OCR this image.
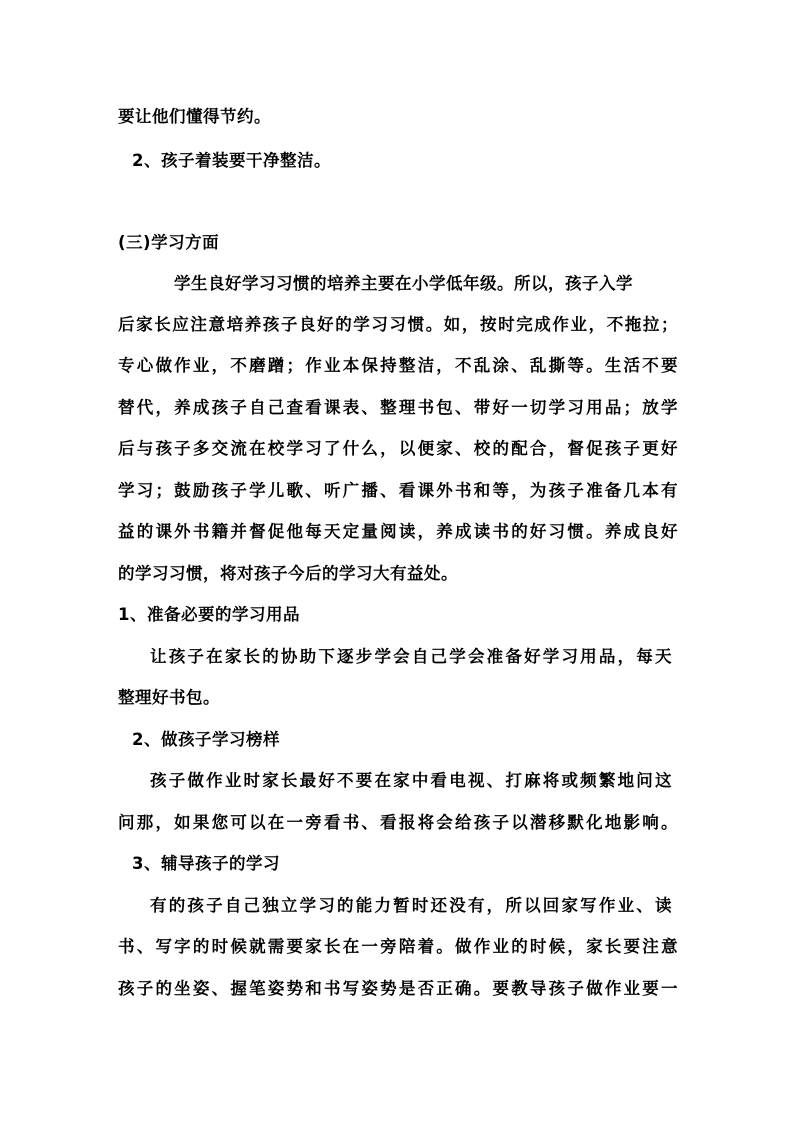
要让他们懂得节约。
2、孩子着装要干净整洁。
(三)学习方面
学生良好学习习惯的培养主要在小学低年级。所以，孩子入学
后家长应注意培养孩子良好的学习习惯。如，按时完成作业，不拖拉；
专心做作业，不磨蹭；作业本保持整洁，不乱涂、乱撕等。生活不要
替代，养成孩子自己查看课表、整理书包、带好一切学习用品；放学
后与孩子多交流在校学习了什么，以便家、校的配合，督促孩子更好
学习；鼓励孩子学儿歌、听广播、看课外书和等，为孩子准备几本有
益的课外书籍并督促他每天定量阅读，养成读书的好习惯。养成良好
的学习习惯，将对孩子今后的学习大有益处。
1、准备必要的学习用品
让孩子在家长的协助下逐步学会自己学会准备好学习用品，每天
整理好书包。
2、做孩子学习榜样
孩子做作业时家长最好不要在家中看电视、打麻将或频繁地问这
问那，如果您可以在一旁看书、看报将会给孩子以潜移默化地影响。
3、辅导孩子的学习
有的孩子自己独立学习的能力暂时还没有，所以回家写作业、读
书、写字的时候就需要家长在一旁陪着。做作业的时候，家长要注意
孩子的坐姿、握笔姿势和书写姿势是否正确。要教导孩子做作业要一
